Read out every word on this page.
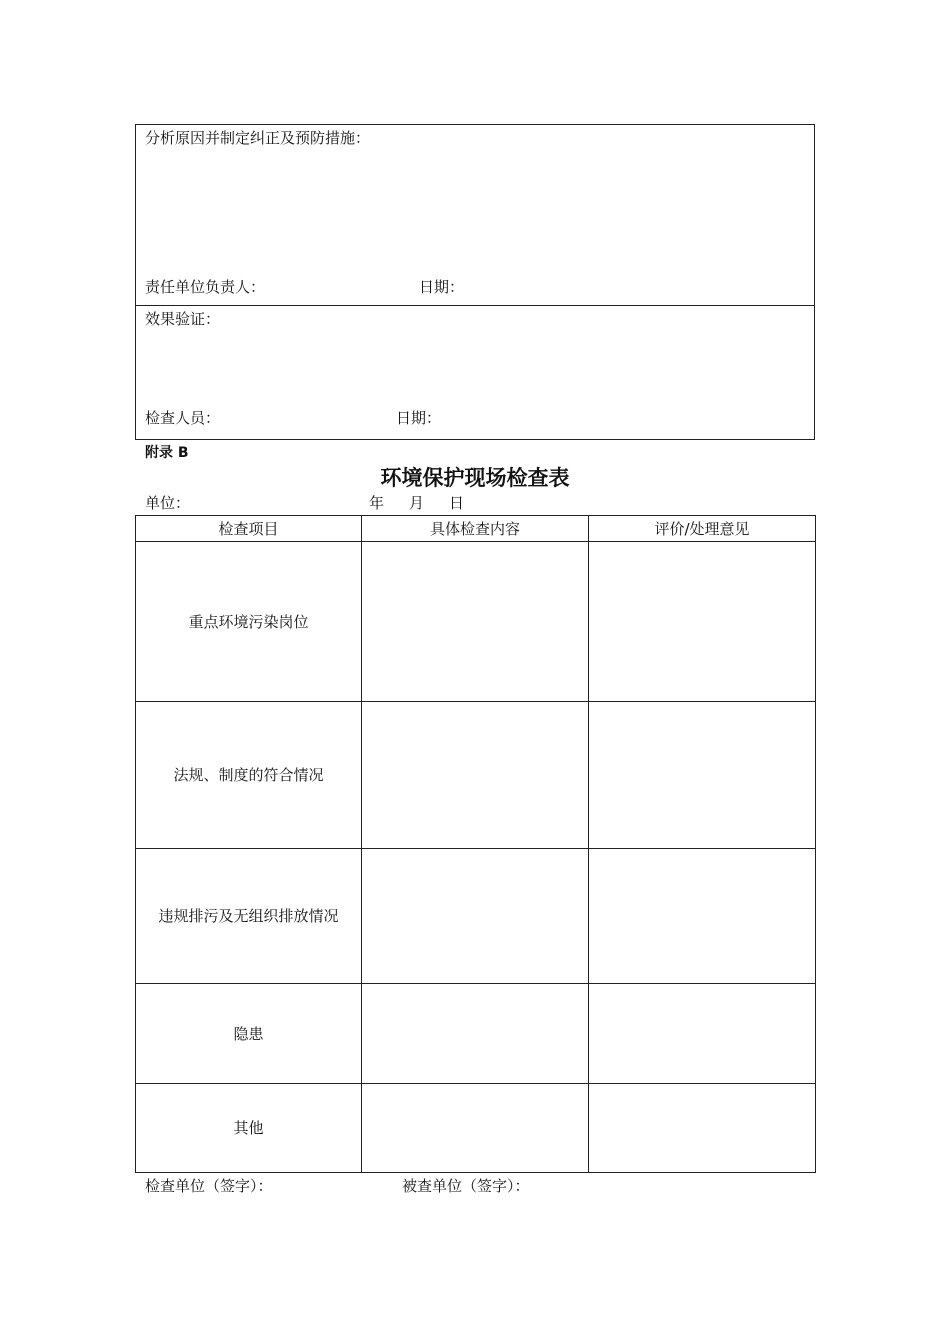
分析原因并制定纠正及预防措施：
责任单位负责人：	日期：
效果验证：
检查人员：	日期：
附录 B
环境保护现场检查表
单位：	年 月 日
检查项目	具体检查内容	评价/处理意见
重点环境污染岗位		
法规、制度的符合情况		
违规排污及无组织排放情况		
隐患		
其他		
检查单位（签字）：	被查单位（签字）：
